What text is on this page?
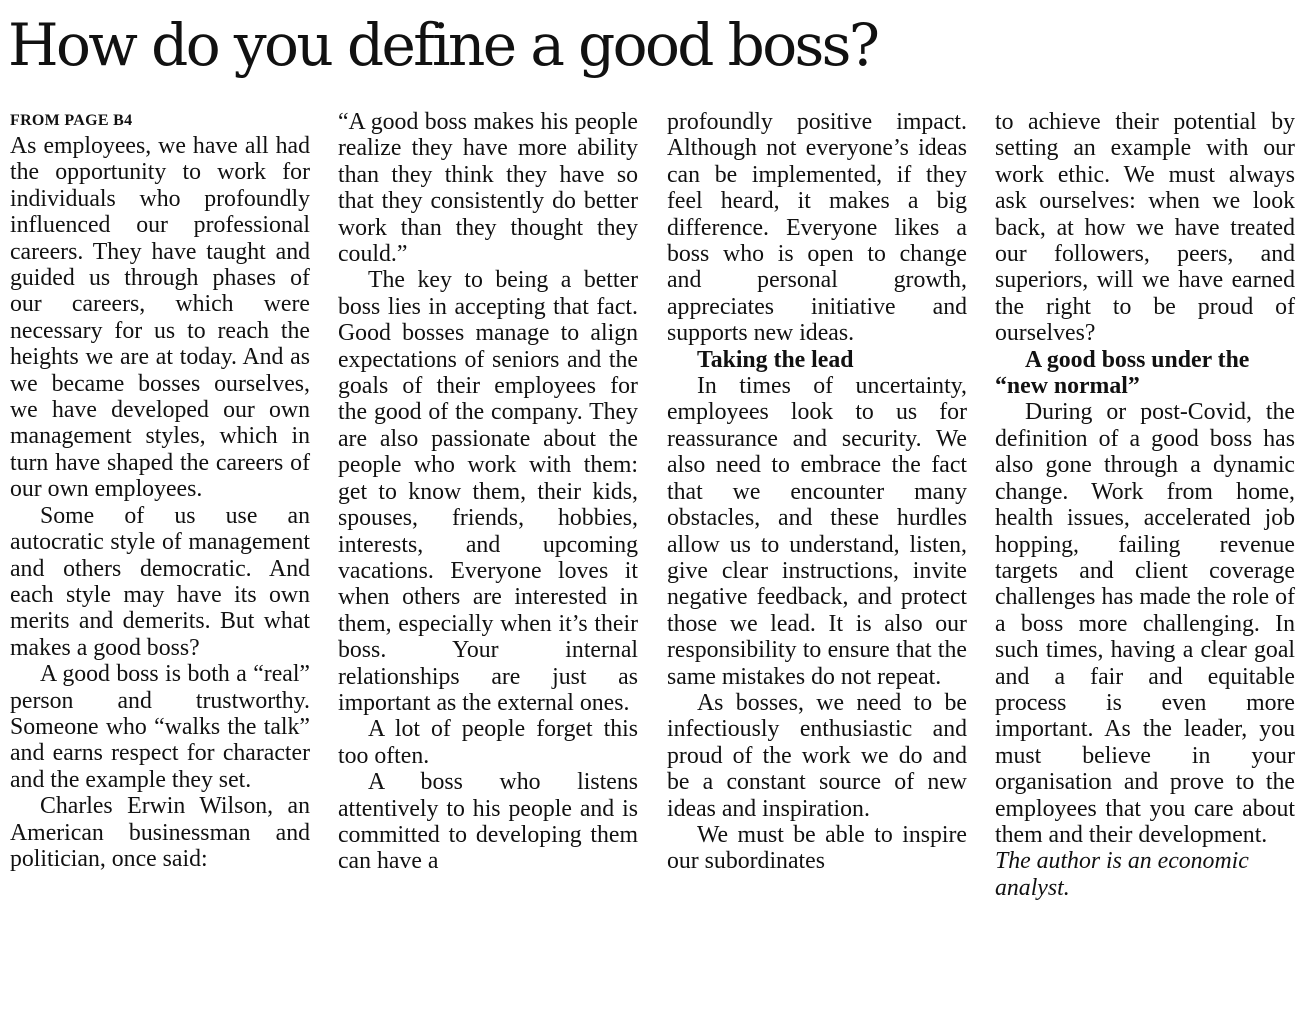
How do you define a good boss?
FROM PAGE B4

As employees, we have all had the opportunity to work for individuals who profoundly influenced our professional careers. They have taught and guided us through phases of our careers, which were necessary for us to reach the heights we are at today. And as we became bosses ourselves, we have developed our own management styles, which in turn have shaped the careers of our own employees.

Some of us use an autocratic style of management and others democratic. And each style may have its own merits and demerits. But what makes a good boss?

A good boss is both a “real” person and trustworthy. Someone who “walks the talk” and earns respect for character and the example they set.

Charles Erwin Wilson, an American businessman and politician, once said:

“A good boss makes his people realize they have more ability than they think they have so that they consistently do better work than they thought they could.”

The key to being a better boss lies in accepting that fact. Good bosses manage to align expectations of seniors and the goals of their employees for the good of the company. They are also passionate about the people who work with them: get to know them, their kids, spouses, friends, hobbies, interests, and upcoming vacations. Everyone loves it when others are interested in them, especially when it’s their boss. Your internal relationships are just as important as the external ones.

A lot of people forget this too often.

A boss who listens attentively to his people and is committed to developing them can have a

profoundly positive impact. Although not everyone’s ideas can be implemented, if they feel heard, it makes a big difference. Everyone likes a boss who is open to change and personal growth, appreciates initiative and supports new ideas.

Taking the lead

In times of uncertainty, employees look to us for reassurance and security. We also need to embrace the fact that we encounter many obstacles, and these hurdles allow us to understand, listen, give clear instructions, invite negative feedback, and protect those we lead. It is also our responsibility to ensure that the same mistakes do not repeat.

As bosses, we need to be infectiously enthusiastic and proud of the work we do and be a constant source of new ideas and inspiration.

We must be able to inspire our subordinates

to achieve their potential by setting an example with our work ethic. We must always ask ourselves: when we look back, at how we have treated our followers, peers, and superiors, will we have earned the right to be proud of ourselves?

A good boss under the “new normal”

During or post-Covid, the definition of a good boss has also gone through a dynamic change. Work from home, health issues, accelerated job hopping, failing revenue targets and client coverage challenges has made the role of a boss more challenging. In such times, having a clear goal and a fair and equitable process is even more important. As the leader, you must believe in your organisation and prove to the employees that you care about them and their development.

The author is an economic analyst.
